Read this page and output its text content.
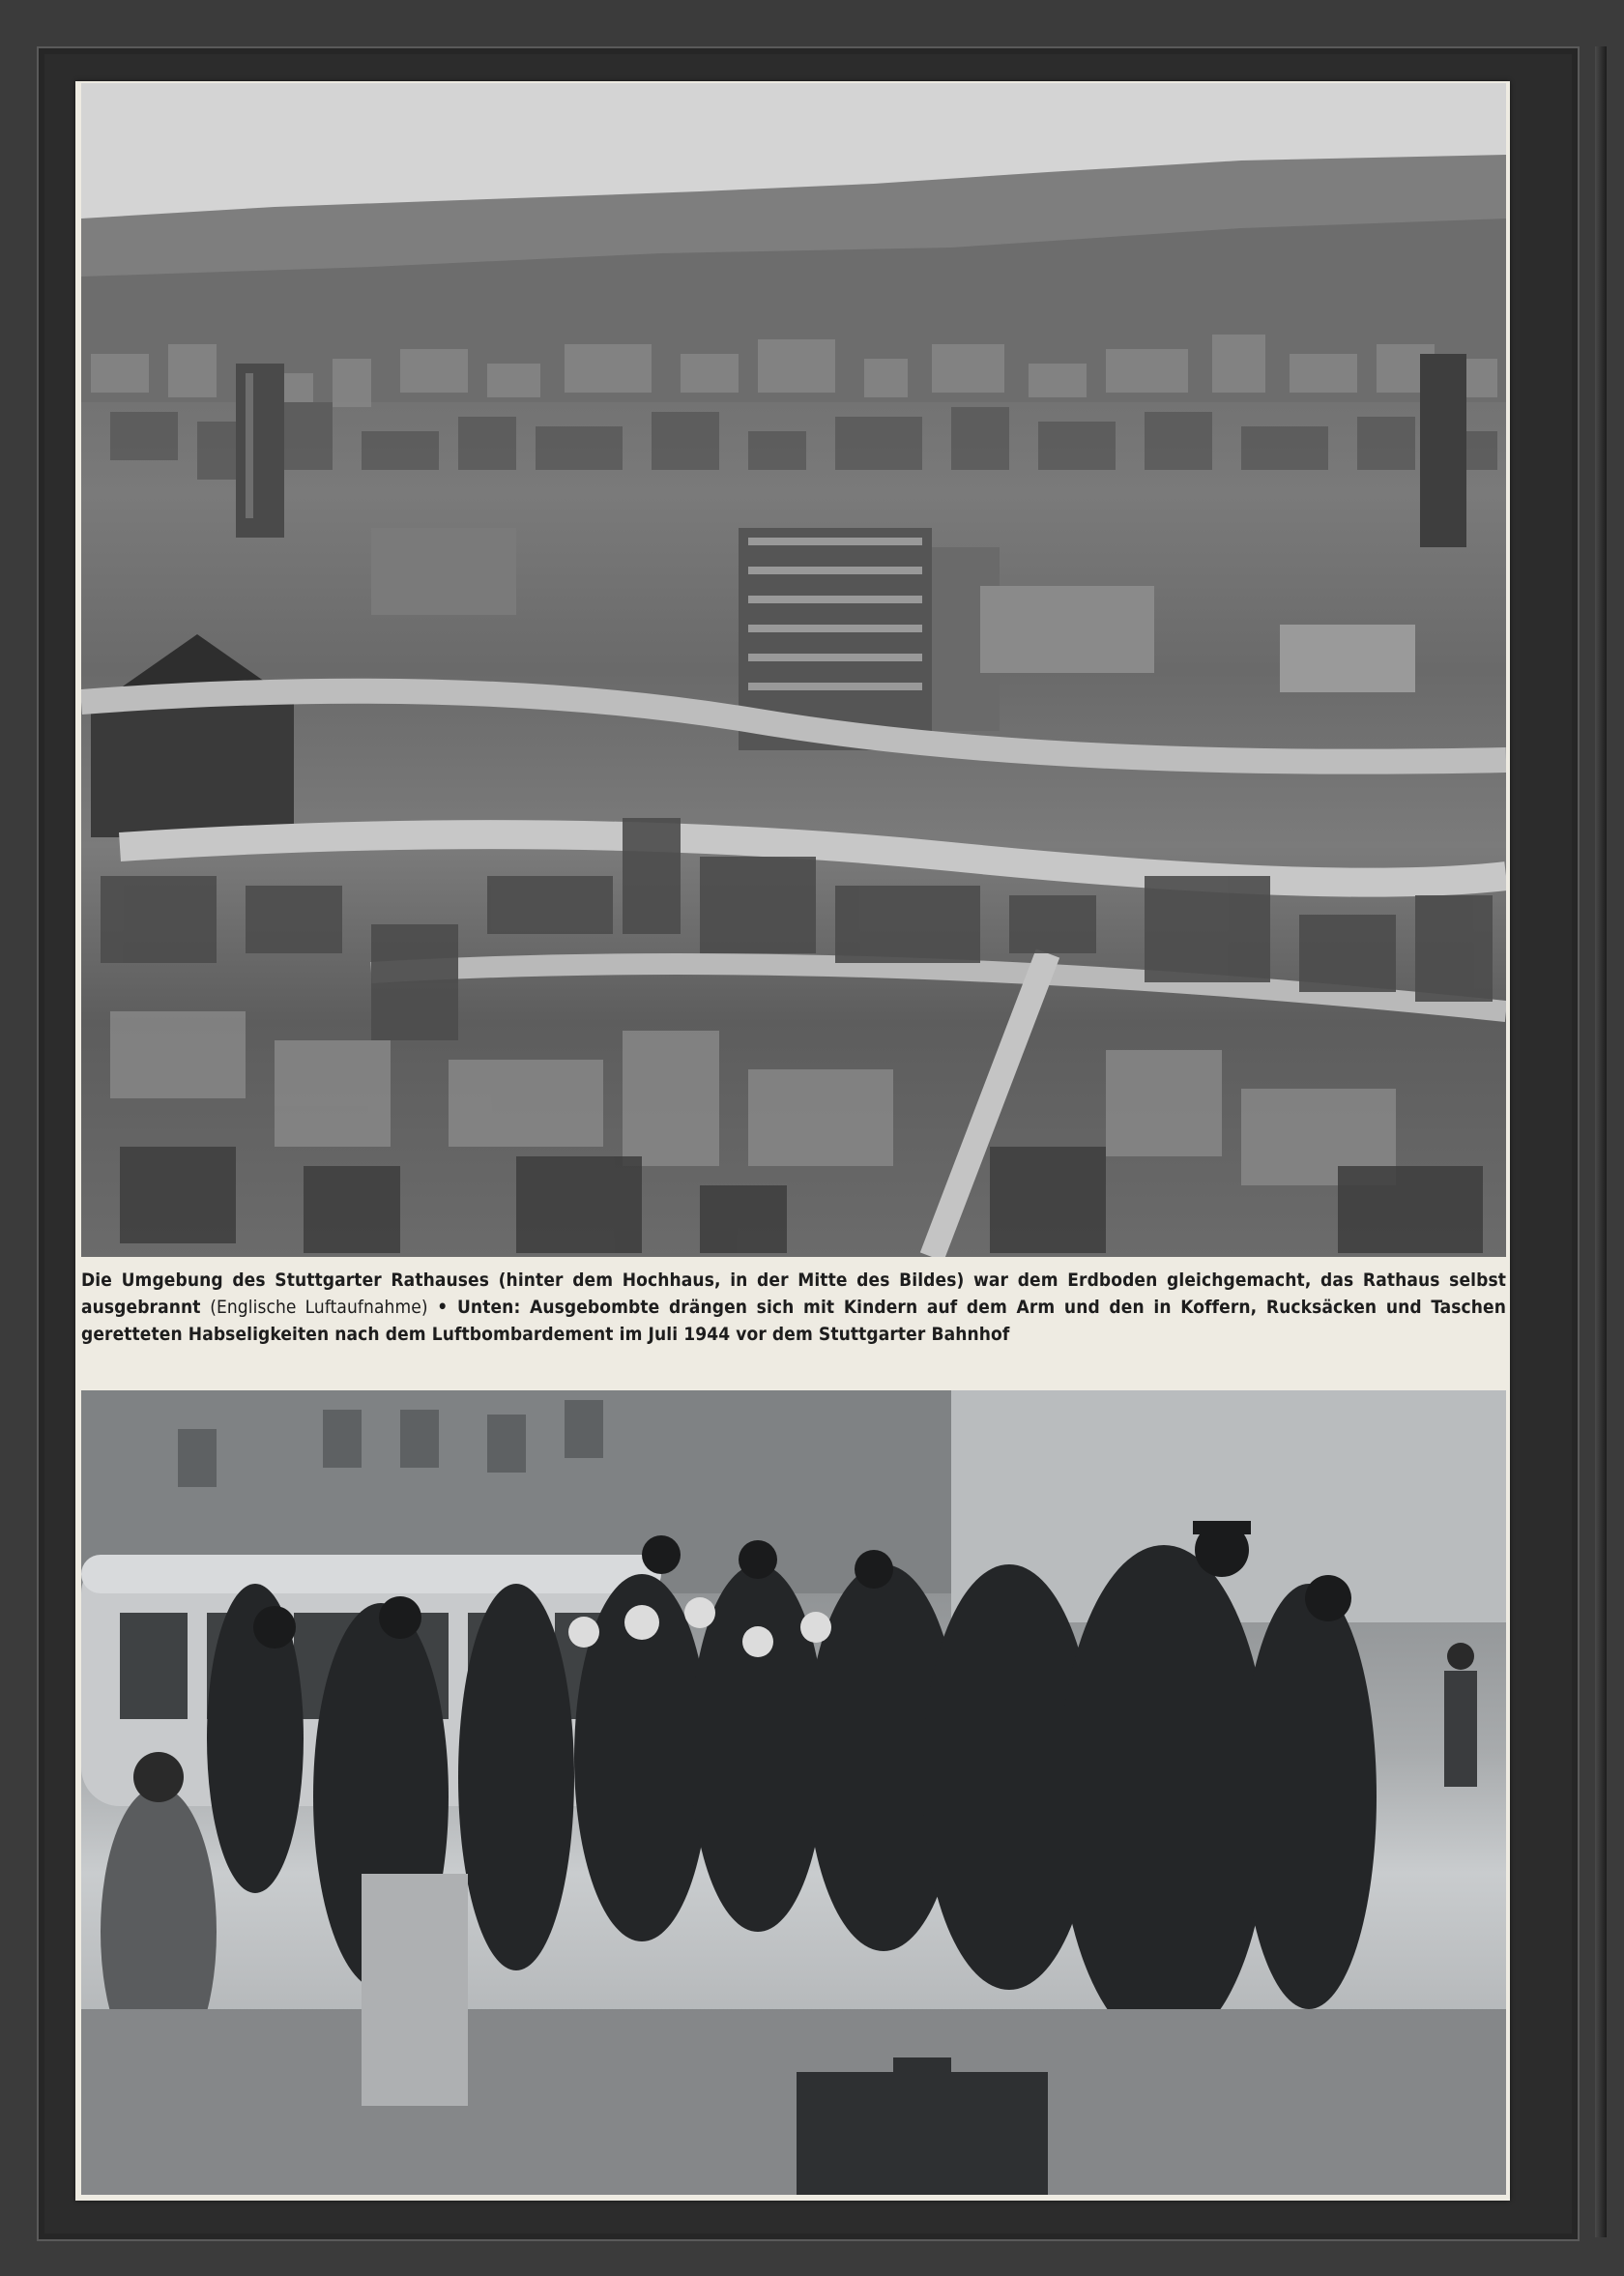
Die Umgebung des Stuttgarter Rathauses (hinter dem Hochhaus, in der Mitte des Bildes) war dem Erdboden gleichgemacht, das Rathaus selbst ausgebrannt (Englische Luftaufnahme) • Unten: Ausgebombte drängen sich mit Kindern auf dem Arm und den in Koffern, Rucksäcken und Taschen geretteten Habseligkeiten nach dem Luftbombardement im Juli 1944 vor dem Stuttgarter Bahnhof
